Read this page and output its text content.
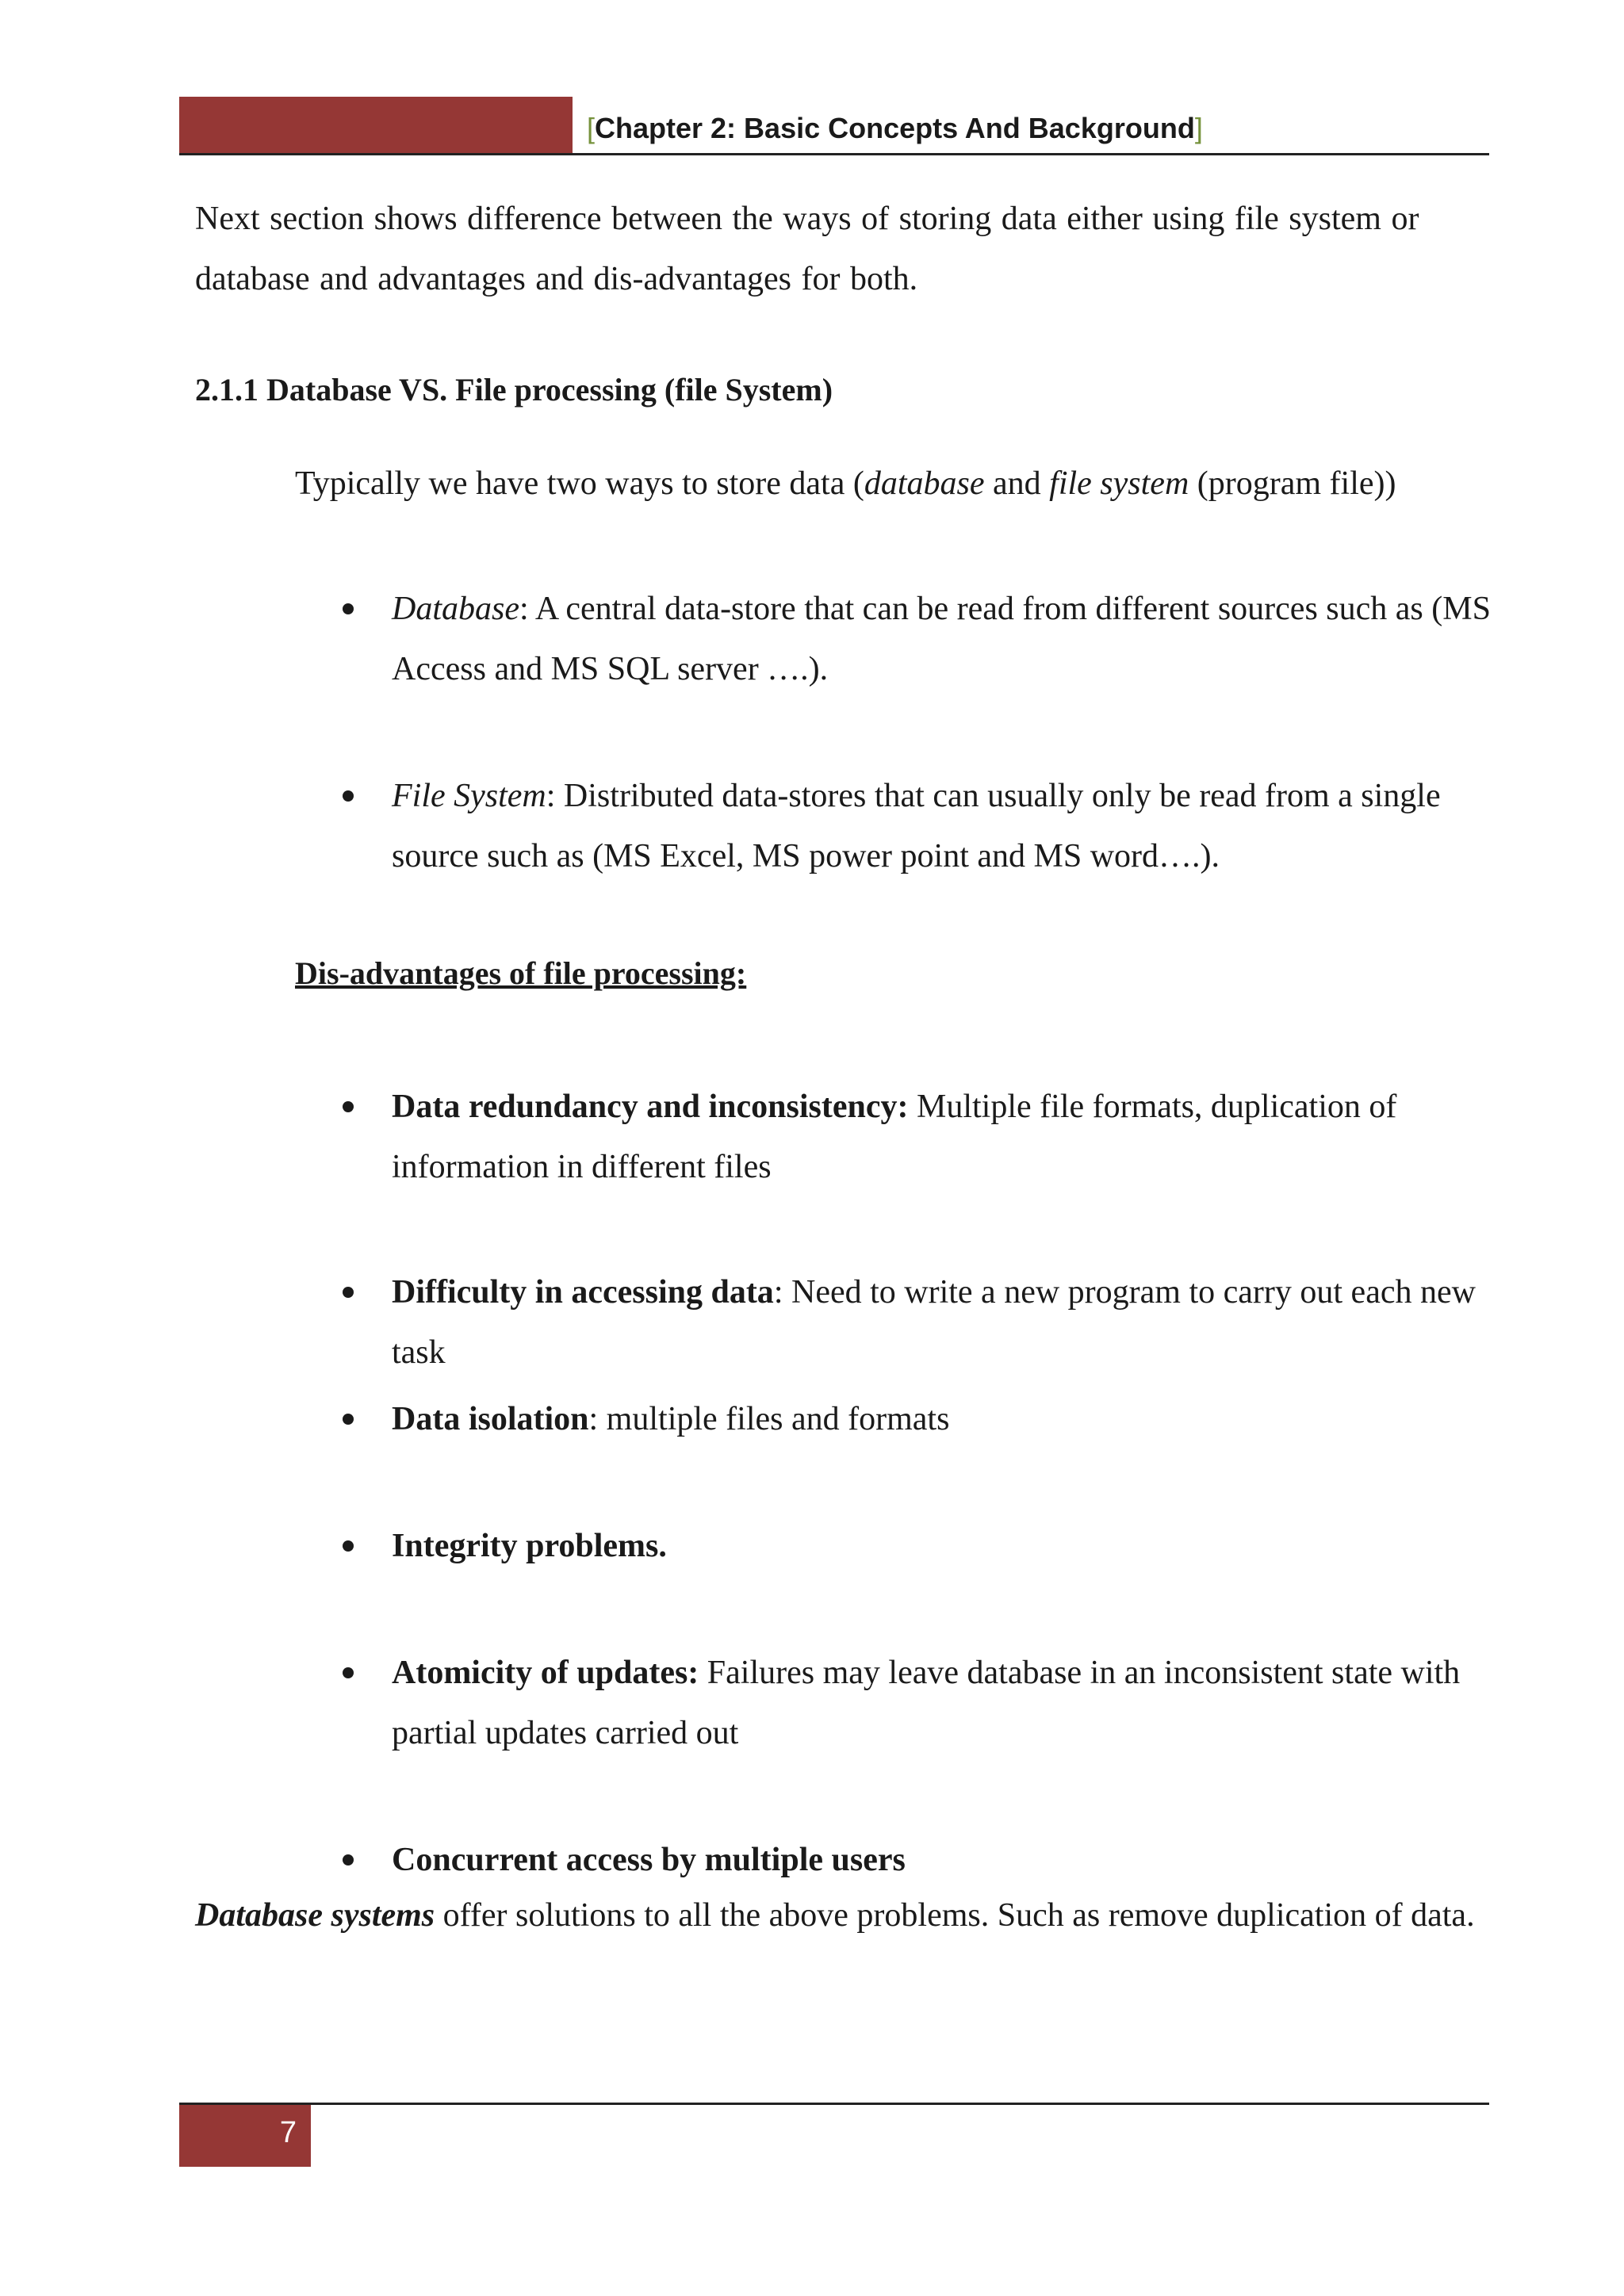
[Chapter 2: Basic Concepts And Background]

Next section shows difference between the ways of storing data either using file system or database and advantages and dis-advantages for both.

2.1.1 Database VS. File processing (file System)

Typically we have two ways to store data (database and file system (program file))

Database: A central data-store that can be read from different sources such as (MS Access and MS SQL server ….).
File System: Distributed data-stores that can usually only be read from a single source such as (MS Excel, MS power point and MS word….).
Dis-advantages of file processing:
Data redundancy and inconsistency: Multiple file formats, duplication of information in different files
Difficulty in accessing data: Need to write a new program to carry out each new task
Data isolation: multiple files and formats
Integrity problems.
Atomicity of updates: Failures may leave database in an inconsistent state with partial updates carried out
Concurrent access by multiple users

Database systems offer solutions to all the above problems. Such as remove duplication of data.

7
